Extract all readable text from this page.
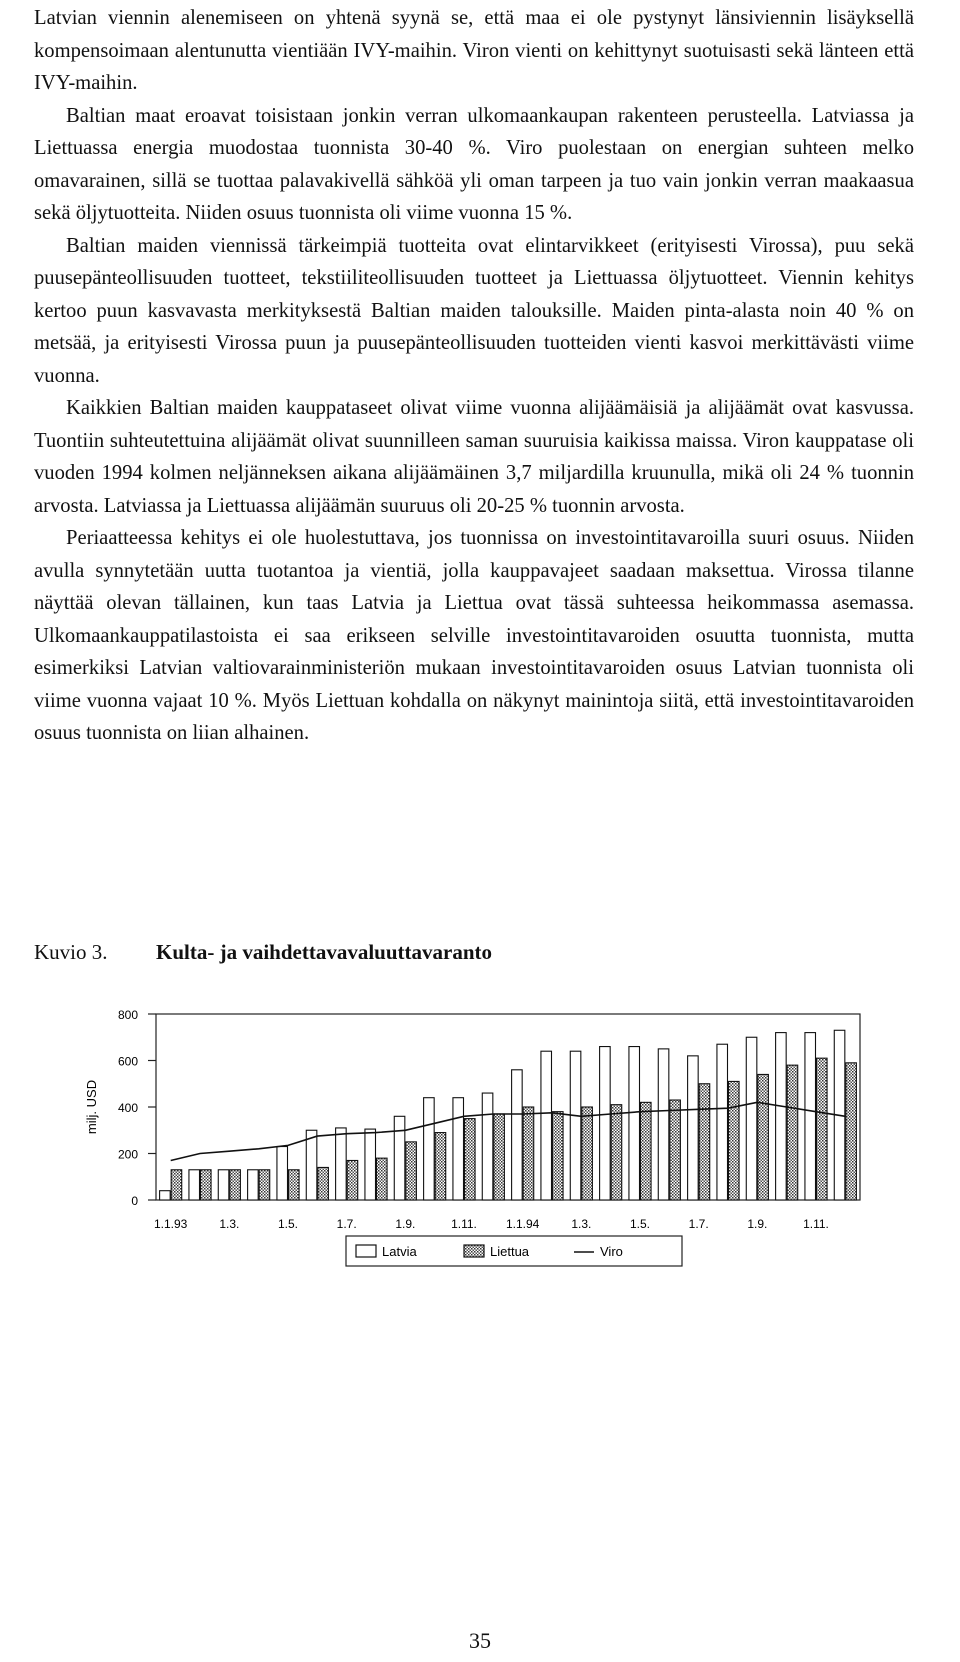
Latvian viennin alenemiseen on yhtenä syynä se, että maa ei ole pystynyt länsiviennin lisäyksellä kompensoimaan alentunutta vientiään IVY-maihin. Viron vienti on kehittynyt suotuisasti sekä länteen että IVY-maihin.

Baltian maat eroavat toisistaan jonkin verran ulkomaankaupan rakenteen perusteella. Latviassa ja Liettuassa energia muodostaa tuonnista 30-40 %. Viro puolestaan on energian suhteen melko omavarainen, sillä se tuottaa palavakivellä sähköä yli oman tarpeen ja tuo vain jonkin verran maakaasua sekä öljytuotteita. Niiden osuus tuonnista oli viime vuonna 15 %.

Baltian maiden viennissä tärkeimpiä tuotteita ovat elintarvikkeet (erityisesti Virossa), puu sekä puusepänteollisuuden tuotteet, tekstiiliteollisuuden tuotteet ja Liettuassa öljytuotteet. Viennin kehitys kertoo puun kasvavasta merkityksestä Baltian maiden talouksille. Maiden pinta-alasta noin 40 % on metsää, ja erityisesti Virossa puun ja puusepänteollisuuden tuotteiden vienti kasvoi merkittävästi viime vuonna.

Kaikkien Baltian maiden kauppataseet olivat viime vuonna alijäämäisiä ja alijäämät ovat kasvussa. Tuontiin suhteutettuina alijäämät olivat suunnilleen saman suuruisia kaikissa maissa. Viron kauppatase oli vuoden 1994 kolmen neljänneksen aikana alijäämäinen 3,7 miljardilla kruunulla, mikä oli 24 % tuonnin arvosta. Latviassa ja Liettuassa alijäämän suuruus oli 20-25 % tuonnin arvosta.

Periaatteessa kehitys ei ole huolestuttava, jos tuonnissa on investointitavaroilla suuri osuus. Niiden avulla synnytetään uutta tuotantoa ja vientiä, jolla kauppavajeet saadaan maksettua. Virossa tilanne näyttää olevan tällainen, kun taas Latvia ja Liettua ovat tässä suhteessa heikommassa asemassa. Ulkomaankauppatilastoista ei saa erikseen selville investointitavaroiden osuutta tuonnista, mutta esimerkiksi Latvian valtiovarainministeriön mukaan investointitavaroiden osuus Latvian tuonnista oli viime vuonna vajaat 10 %. Myös Liettuan kohdalla on näkynyt mainintoja siitä, että investointitavaroiden osuus tuonnista on liian alhainen.

Kuvio 3. Kulta- ja vaihdettavavaluuttavaranto
0
200
400
600
800
milj. USD
1.1.93	1.3.	1.5.	1.7.	1.9.	1.11. 1.1.94	1.3.	1.5.	1.7.	1.9.	1.11.
Latvia	Liettua	Viro
35
